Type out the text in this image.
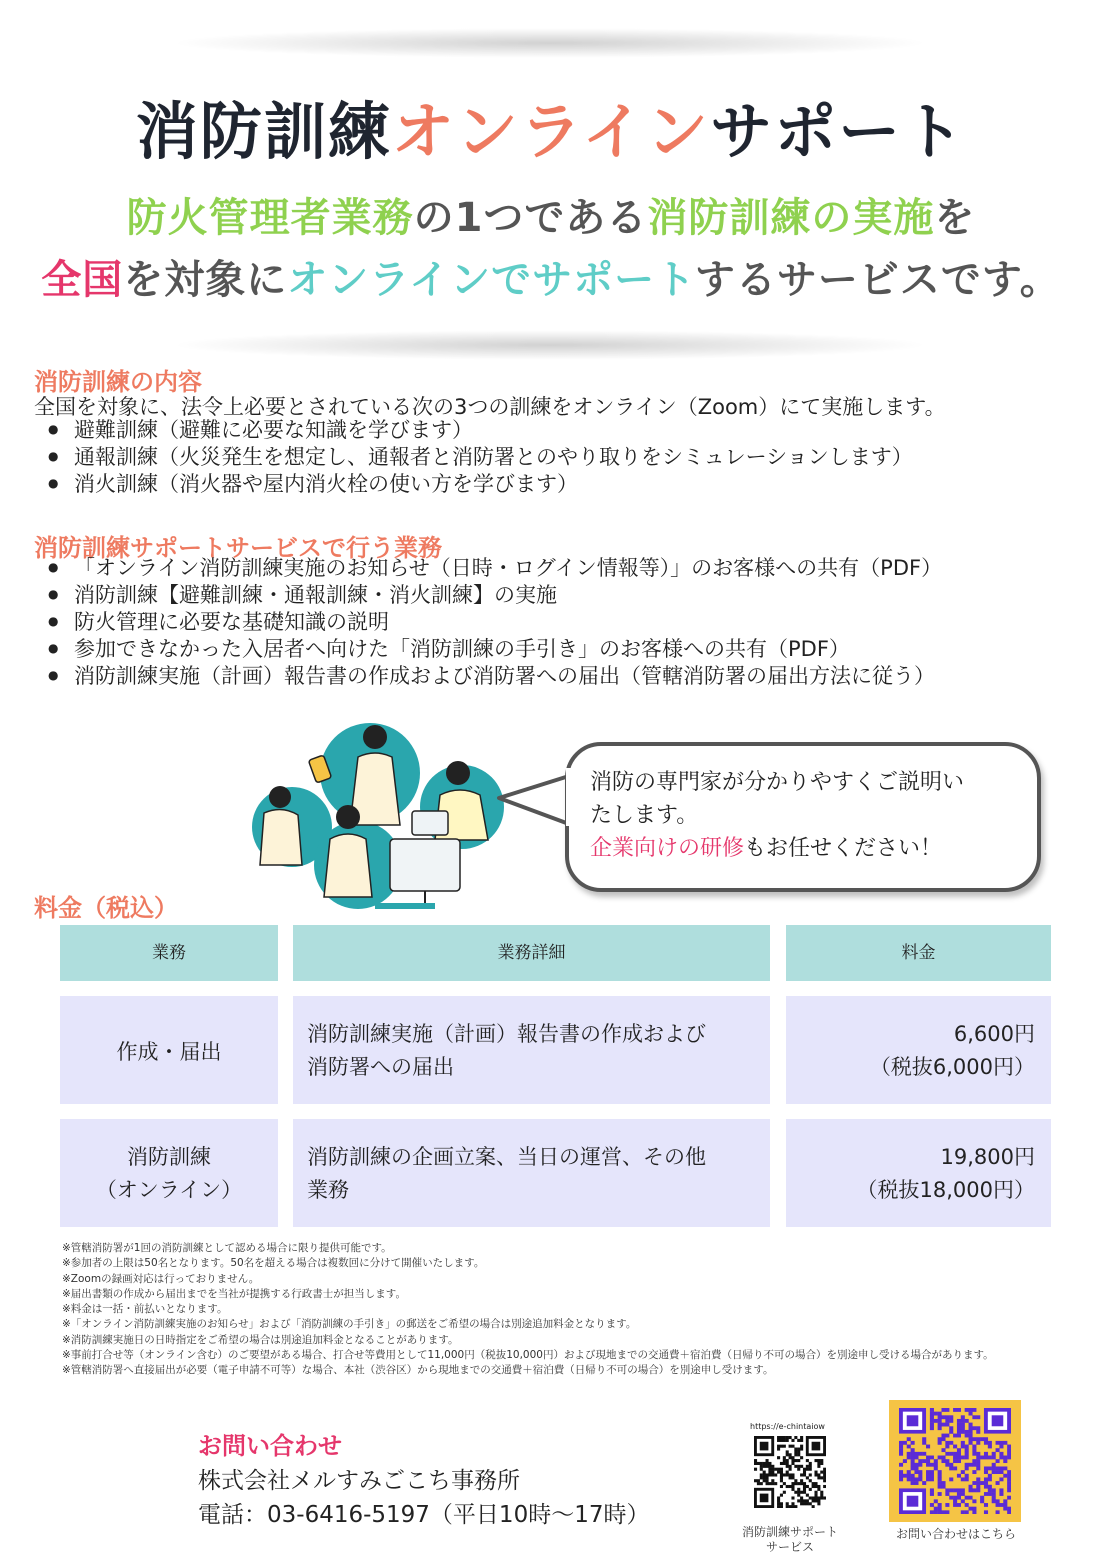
消防訓練オンラインサポート
防火管理者業務の1つである消防訓練の実施を
全国を対象にオンラインでサポートするサービスです。
消防訓練の内容
全国を対象に、法令上必要とされている次の3つの訓練をオンライン（Zoom）にて実施します。
● 避難訓練（避難に必要な知識を学びます）
● 通報訓練（火災発生を想定し、通報者と消防署とのやり取りをシミュレーションします）
● 消火訓練（消火器や屋内消火栓の使い方を学びます）
消防訓練サポートサービスで行う業務
● 「オンライン消防訓練実施のお知らせ（日時・ログイン情報等）」のお客様への共有（PDF）
● 消防訓練【避難訓練・通報訓練・消火訓練】の実施
● 防火管理に必要な基礎知識の説明
● 参加できなかった入居者へ向けた「消防訓練の手引き」のお客様への共有（PDF）
● 消防訓練実施（計画）報告書の作成および消防署への届出（管轄消防署の届出方法に従う）
消防の専門家が分かりやすくご説明い
たします。
企業向けの研修もお任せください！
料金（税込）
業務	業務詳細	料金
作成・届出
消防訓練実施（計画）報告書の作成および
消防署への届出
6,600円
（税抜6,000円）
消防訓練
（オンライン）
消防訓練の企画立案、当日の運営、その他
業務
19,800円
（税抜18,000円）
※管轄消防署が1回の消防訓練として認める場合に限り提供可能です。
※参加者の上限は50名となります。50名を超える場合は複数回に分けて開催いたします。
※Zoomの録画対応は行っておりません。
※届出書類の作成から届出までを当社が提携する行政書士が担当します。
※料金は一括・前払いとなります。
※「オンライン消防訓練実施のお知らせ」および「消防訓練の手引き」の郵送をご希望の場合は別途追加料金となります。
※消防訓練実施日の日時指定をご希望の場合は別途追加料金となることがあります。
※事前打合せ等（オンライン含む）のご要望がある場合、打合せ等費用として11,000円（税抜10,000円）および現地までの交通費＋宿泊費（日帰り不可の場合）を別途申し受ける場合があります。
※管轄消防署へ直接届出が必要（電子申請不可等）な場合、本社（渋谷区）から現地までの交通費＋宿泊費（日帰り不可の場合）を別途申し受けます。
お問い合わせ
株式会社メルすみごこち事務所
電話：03-6416-5197（平日10時〜17時）
https://e-chintaiow
消防訓練サポート
サービス
お問い合わせはこちら
